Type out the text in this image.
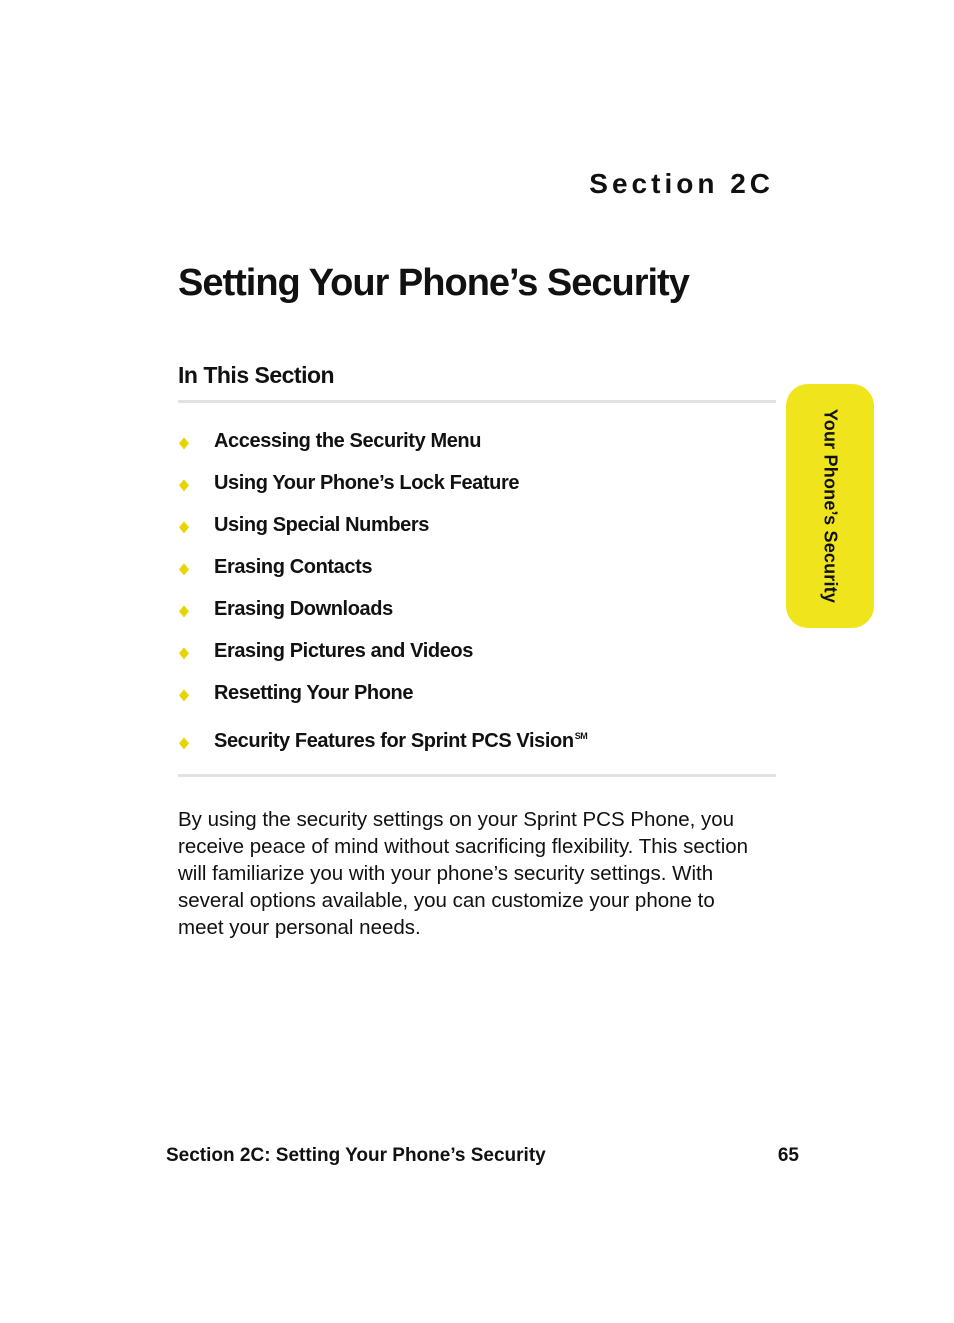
Section 2C
Setting Your Phone’s Security
In This Section
Accessing the Security Menu
Using Your Phone’s Lock Feature
Using Special Numbers
Erasing Contacts
Erasing Downloads
Erasing Pictures and Videos
Resetting Your Phone
Security Features for Sprint PCS Vision℠

By using the security settings on your Sprint PCS Phone, you receive peace of mind without sacrificing flexibility. This section will familiarize you with your phone’s security settings. With several options available, you can customize your phone to meet your personal needs.

Your Phone’s Security
Section 2C: Setting Your Phone’s Security	65
